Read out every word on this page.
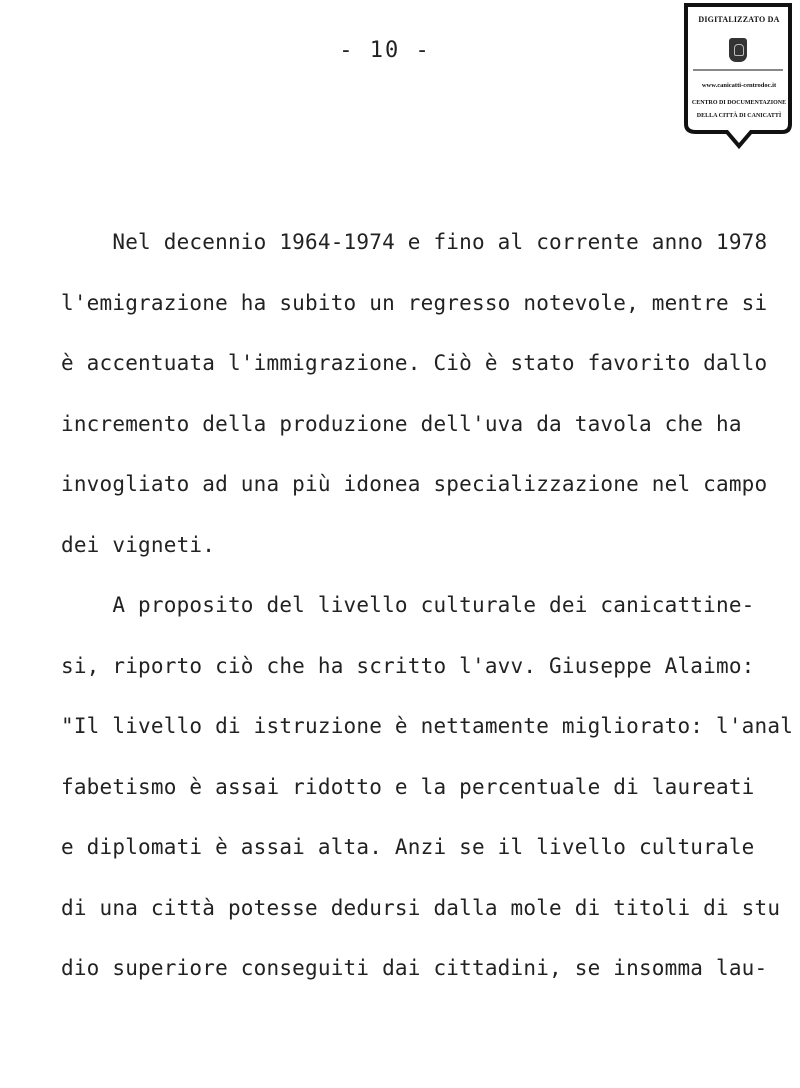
- 10 -
DIGITALIZZATO DA
www.canicatti-centrodoc.it
CENTRO DI DOCUMENTAZIONE
DELLA CITTÀ DI CANICATTÌ
Nel decennio 1964-1974 e fino al corrente anno 1978
l'emigrazione ha subito un regresso notevole, mentre si
è accentuata l'immigrazione. Ciò è stato favorito dallo
incremento della produzione dell'uva da tavola che ha
invogliato ad una più idonea specializzazione nel campo
dei vigneti.
A proposito del livello culturale dei canicattine-
si, riporto ciò che ha scritto l'avv. Giuseppe Alaimo:
"Il livello di istruzione è nettamente migliorato: l'anal
fabetismo è assai ridotto e la percentuale di laureati
e diplomati è assai alta. Anzi se il livello culturale
di una città potesse dedursi dalla mole di titoli di stu
dio superiore conseguiti dai cittadini, se insomma lau-
